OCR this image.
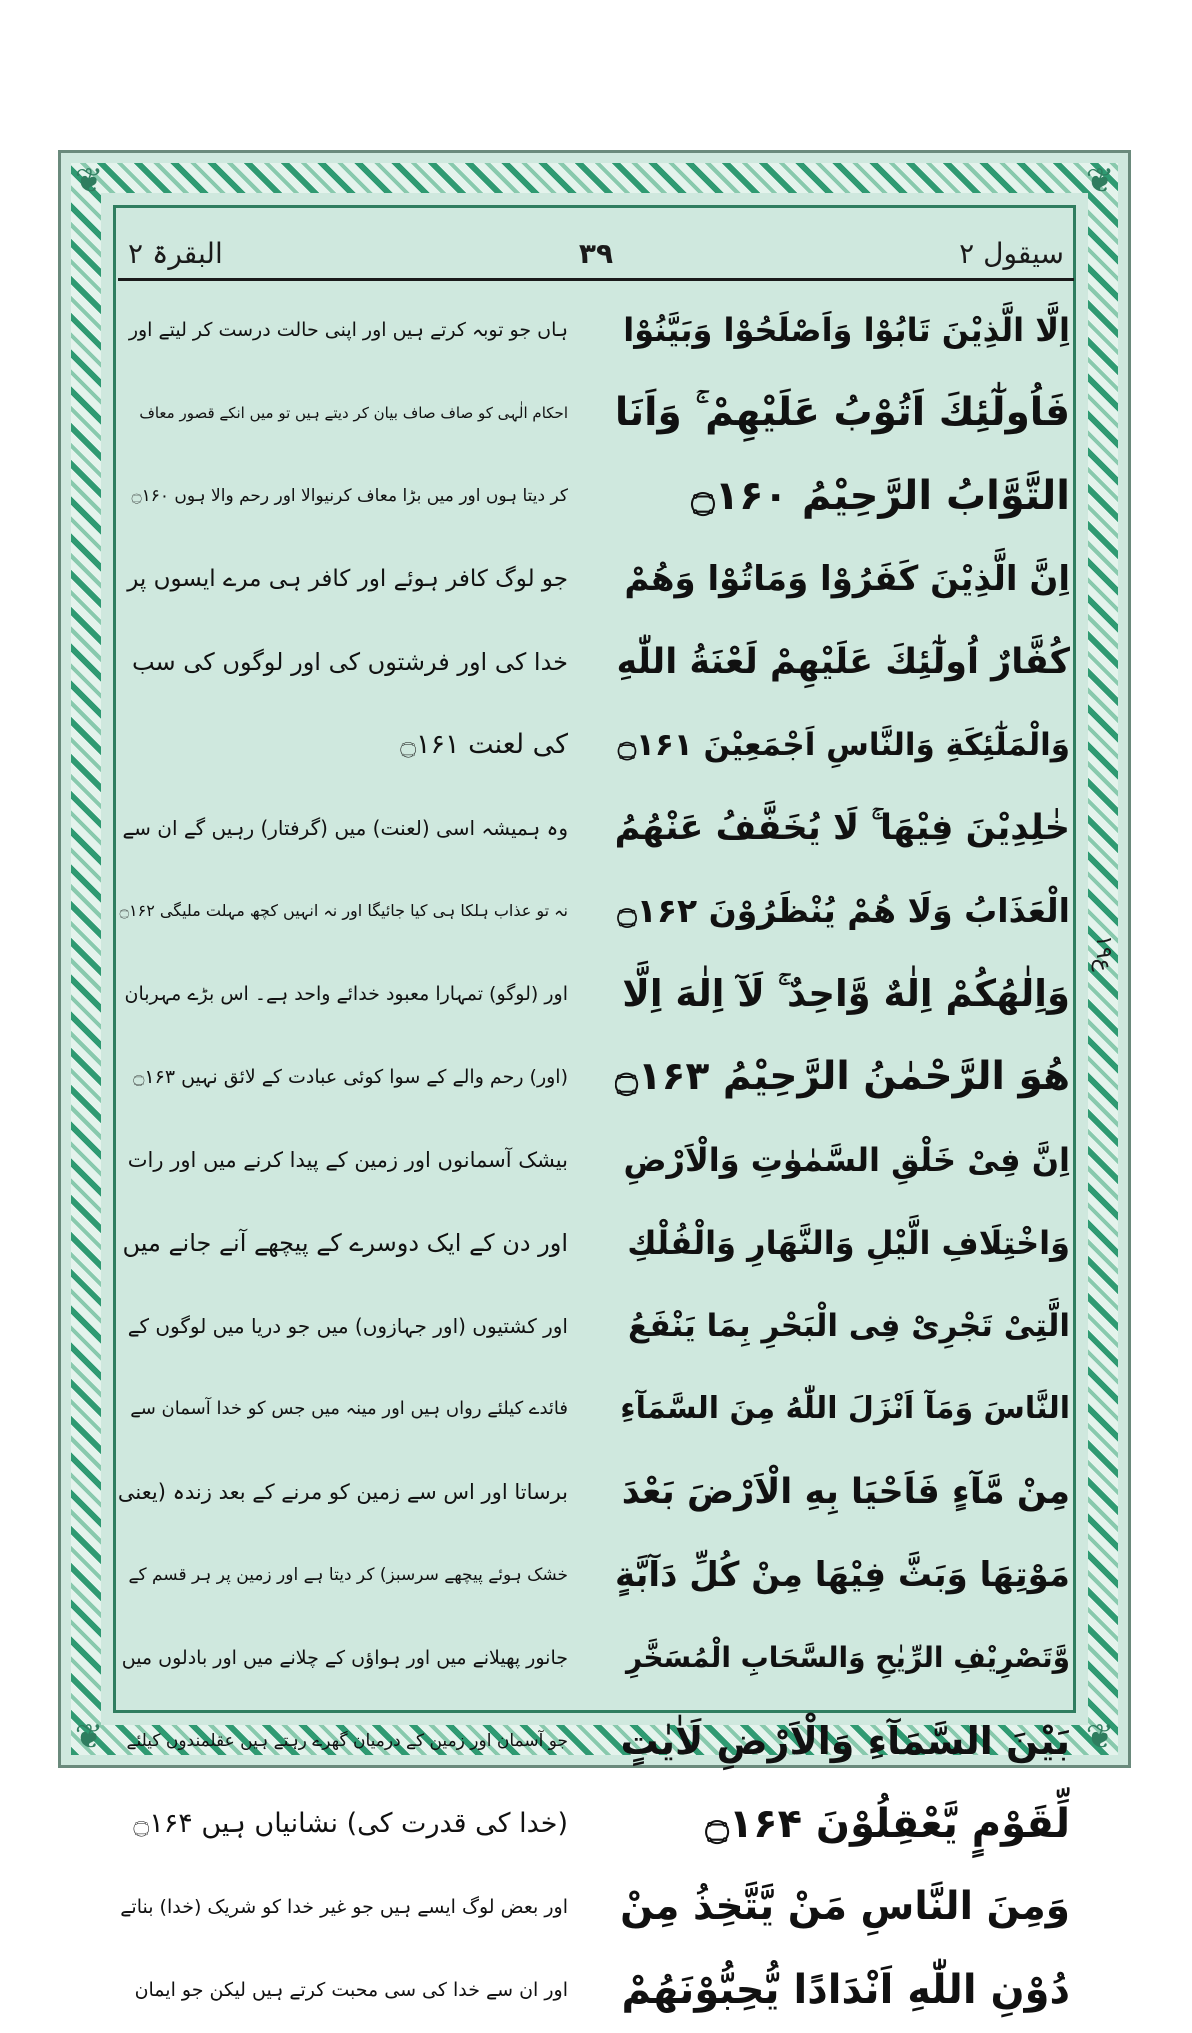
❦	❦
❦	❦
سیقول ۲
۳۹
البقرۃ ۲
ع۱۹
اِلَّا الَّذِیْنَ تَابُوْا وَاَصْلَحُوْا وَبَیَّنُوْا
فَاُولٰٓئِكَ اَتُوْبُ عَلَیْهِمْ ۚ وَاَنَا
التَّوَّابُ الرَّحِیْمُ ۝۱۶۰
اِنَّ الَّذِیْنَ كَفَرُوْا وَمَاتُوْا وَهُمْ
كُفَّارٌ اُولٰٓئِكَ عَلَیْهِمْ لَعْنَةُ اللّٰهِ
وَالْمَلٰٓئِكَةِ وَالنَّاسِ اَجْمَعِیْنَ ۝۱۶۱
خٰلِدِیْنَ فِیْهَا ۚ لَا یُخَفَّفُ عَنْهُمُ
الْعَذَابُ وَلَا هُمْ یُنْظَرُوْنَ ۝۱۶۲
وَاِلٰهُكُمْ اِلٰهٌ وَّاحِدٌ ۚ لَآ اِلٰهَ اِلَّا
هُوَ الرَّحْمٰنُ الرَّحِیْمُ ۝۱۶۳
اِنَّ فِیْ خَلْقِ السَّمٰوٰتِ وَالْاَرْضِ
وَاخْتِلَافِ الَّیْلِ وَالنَّهَارِ وَالْفُلْكِ
الَّتِیْ تَجْرِیْ فِی الْبَحْرِ بِمَا یَنْفَعُ
النَّاسَ وَمَآ اَنْزَلَ اللّٰهُ مِنَ السَّمَآءِ
مِنْ مَّآءٍ فَاَحْیَا بِهِ الْاَرْضَ بَعْدَ
مَوْتِهَا وَبَثَّ فِیْهَا مِنْ كُلِّ دَآبَّةٍ
وَّتَصْرِیْفِ الرِّیٰحِ وَالسَّحَابِ الْمُسَخَّرِ
بَیْنَ السَّمَآءِ وَالْاَرْضِ لَاٰیٰتٍ
لِّقَوْمٍ یَّعْقِلُوْنَ ۝۱۶۴
وَمِنَ النَّاسِ مَنْ یَّتَّخِذُ مِنْ
دُوْنِ اللّٰهِ اَنْدَادًا یُّحِبُّوْنَهُمْ
ہاں جو توبہ کرتے ہیں اور اپنی حالت درست کر لیتے اور
احکام الٰہی کو صاف صاف بیان کر دیتے ہیں تو میں انکے قصور معاف
کر دیتا ہوں اور میں بڑا معاف کرنیوالا اور رحم والا ہوں ۝۱۶۰
جو لوگ کافر ہوئے اور کافر ہی مرے ایسوں پر
خدا کی اور فرشتوں کی اور لوگوں کی سب
کی لعنت ۝۱۶۱
وہ ہمیشہ اسی (لعنت) میں (گرفتار) رہیں گے ان سے
نہ تو عذاب ہلکا ہی کیا جائیگا اور نہ انہیں کچھ مہلت ملیگی ۝۱۶۲
اور (لوگو) تمہارا معبود خدائے واحد ہے۔ اس بڑے مہربان
(اور) رحم والے کے سوا کوئی عبادت کے لائق نہیں ۝۱۶۳
بیشک آسمانوں اور زمین کے پیدا کرنے میں اور رات
اور دن کے ایک دوسرے کے پیچھے آنے جانے میں
اور کشتیوں (اور جہازوں) میں جو دریا میں لوگوں کے
فائدے کیلئے رواں ہیں اور مینہ میں جس کو خدا آسمان سے
برساتا اور اس سے زمین کو مرنے کے بعد زندہ (یعنی
خشک ہوئے پیچھے سرسبز) کر دیتا ہے اور زمین پر ہر قسم کے
جانور پھیلانے میں اور ہواؤں کے چلانے میں اور بادلوں میں
جو آسمان اور زمین کے درمیان گھرے رہتے ہیں عقلمندوں کیلئے
(خدا کی قدرت کی) نشانیاں ہیں ۝۱۶۴
اور بعض لوگ ایسے ہیں جو غیر خدا کو شریک (خدا) بناتے
اور ان سے خدا کی سی محبت کرتے ہیں لیکن جو ایمان
